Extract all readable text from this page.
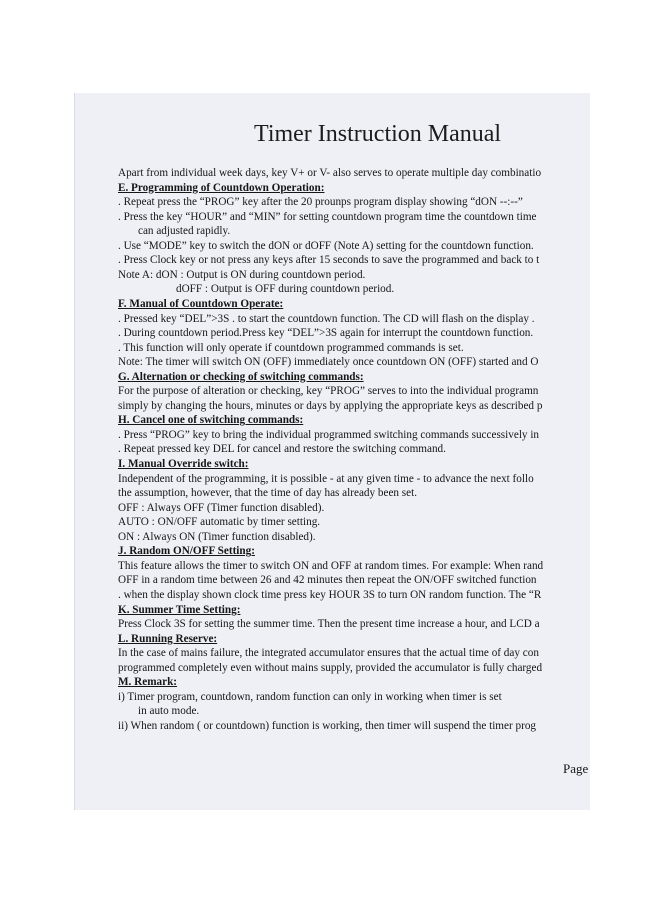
Timer Instruction Manual
Apart from individual week days, key V+ or V- also serves to operate multiple day combinatio
E. Programming of Countdown Operation:
. Repeat press the “PROG” key after the 20 prounps program display showing “dON --:--”
. Press the key “HOUR” and “MIN” for setting countdown program time the countdown time
can adjusted rapidly.
. Use “MODE” key to switch the dON or dOFF (Note A) setting for the countdown function.
. Press Clock key or not press any keys after 15 seconds to save the programmed and back to t
Note A: dON : Output is ON during countdown period.
dOFF : Output is OFF during countdown period.
F. Manual of Countdown Operate:
. Pressed key “DEL”>3S . to start the countdown function. The CD will flash on the display .
. During countdown period.Press key “DEL”>3S again for interrupt the countdown function.
. This function will only operate if countdown programmed commands is set.
Note: The timer will switch ON (OFF) immediately once countdown ON (OFF) started and O
G. Alternation or checking of switching commands:
For the purpose of alteration or checking, key “PROG” serves to into the individual programn
simply by changing the hours, minutes or days by applying the appropriate keys as described p
H. Cancel one of switching commands:
. Press “PROG” key to bring the individual programmed switching commands successively in
. Repeat pressed key DEL for cancel and restore the switching command.
I. Manual Override switch:
Independent of the programming, it is possible - at any given time - to advance the next follo
the assumption, however, that the time of day has already been set.
OFF : Always OFF (Timer function disabled).
AUTO : ON/OFF automatic by timer setting.
ON : Always ON (Timer function disabled).
J. Random ON/OFF Setting:
This feature allows the timer to switch ON and OFF at random times. For example: When rand
OFF in a random time between 26 and 42 minutes then repeat the ON/OFF switched function
. when the display shown clock time press key HOUR 3S to turn ON random function. The “R
K. Summer Time Setting:
Press Clock 3S for setting the summer time. Then the present time increase a hour, and LCD a
L. Running Reserve:
In the case of mains failure, the integrated accumulator ensures that the actual time of day con
programmed completely even without mains supply, provided the accumulator is fully charged
M. Remark:
i) Timer program, countdown, random function can only in working when timer is set
in auto mode.
ii) When random ( or countdown) function is working, then timer will suspend the timer prog
Page
